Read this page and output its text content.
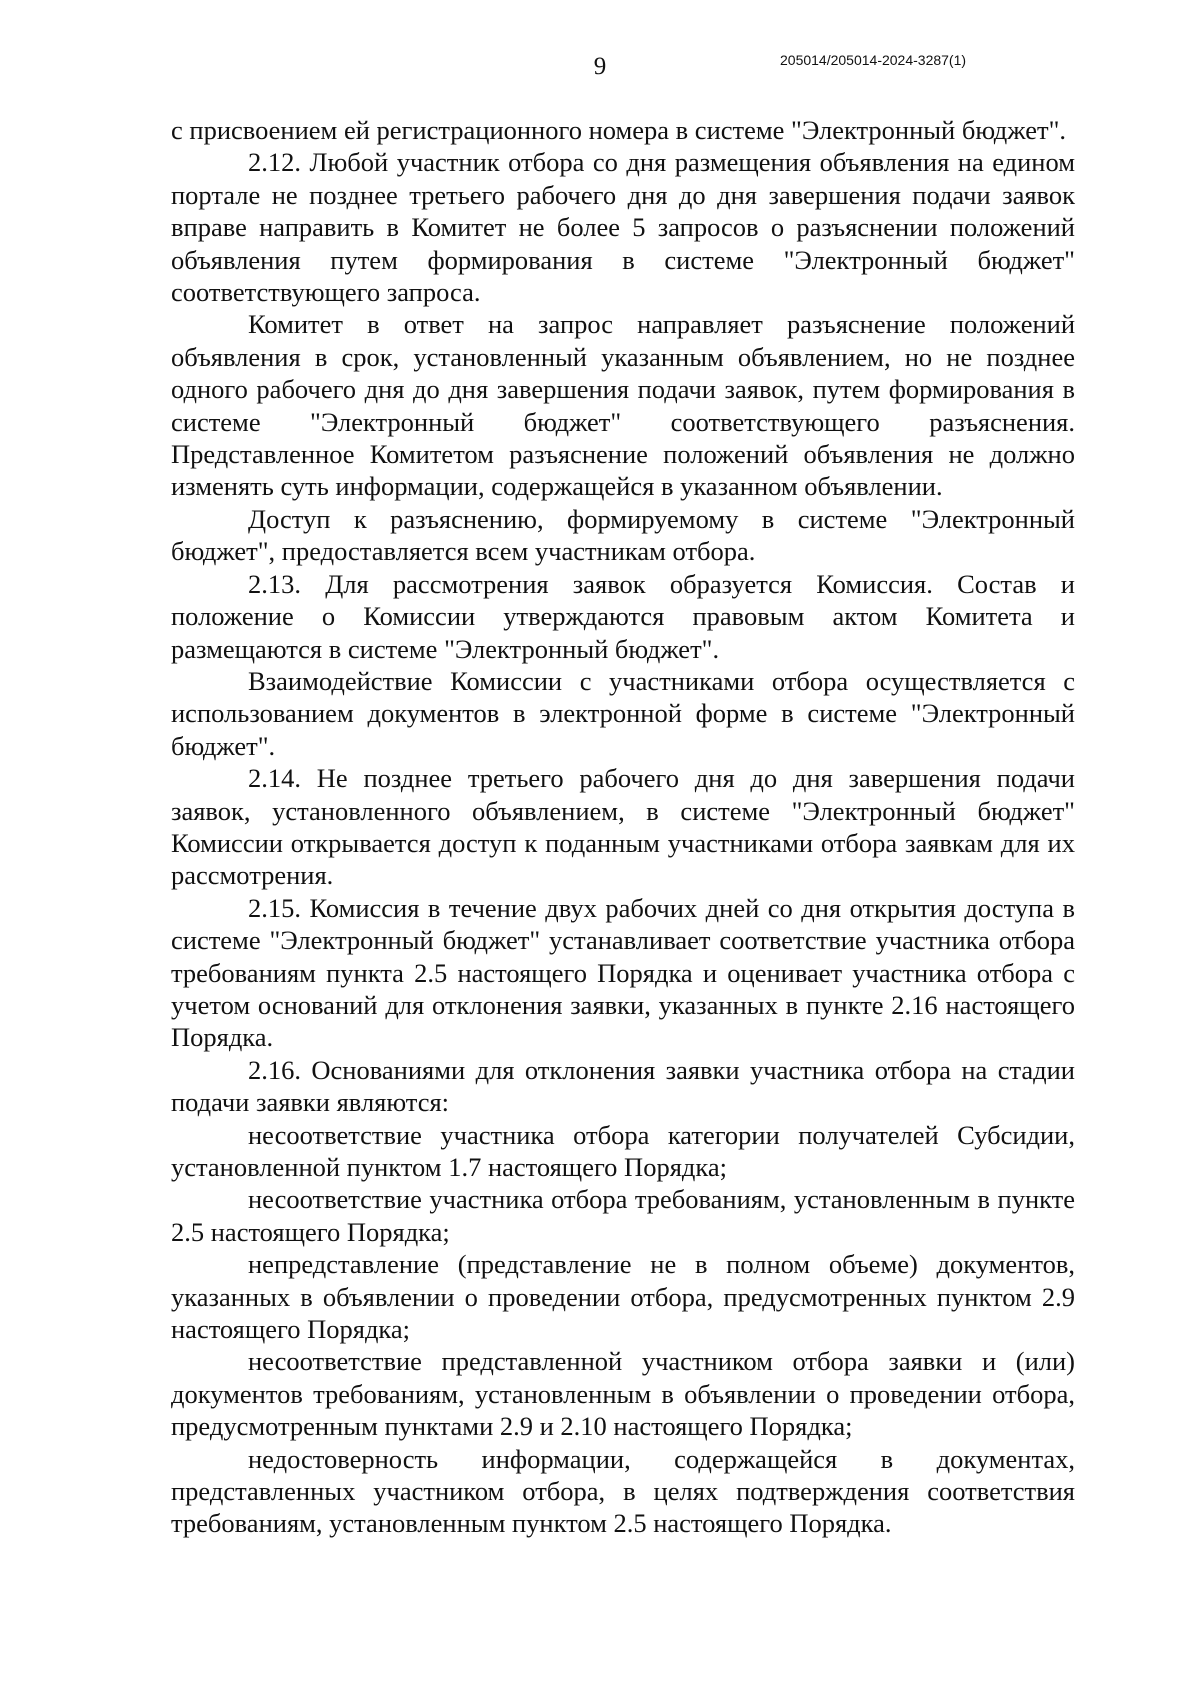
9	205014/205014-2024-3287(1)

с присвоением ей регистрационного номера в системе "Электронный бюджет".

2.12. Любой участник отбора со дня размещения объявления на едином портале не позднее третьего рабочего дня до дня завершения подачи заявок вправе направить в Комитет не более 5 запросов о разъяснении положений объявления путем формирования в системе "Электронный бюджет" соответствующего запроса.

Комитет в ответ на запрос направляет разъяснение положений объявления в срок, установленный указанным объявлением, но не позднее одного рабочего дня до дня завершения подачи заявок, путем формирования в системе "Электронный бюджет" соответствующего разъяснения. Представленное Комитетом разъяснение положений объявления не должно изменять суть информации, содержащейся в указанном объявлении.

Доступ к разъяснению, формируемому в системе "Электронный бюджет", предоставляется всем участникам отбора.

2.13. Для рассмотрения заявок образуется Комиссия. Состав и положение о Комиссии утверждаются правовым актом Комитета и размещаются в системе "Электронный бюджет".

Взаимодействие Комиссии с участниками отбора осуществляется с использованием документов в электронной форме в системе "Электронный бюджет".

2.14. Не позднее третьего рабочего дня до дня завершения подачи заявок, установленного объявлением, в системе "Электронный бюджет" Комиссии открывается доступ к поданным участниками отбора заявкам для их рассмотрения.

2.15. Комиссия в течение двух рабочих дней со дня открытия доступа в системе "Электронный бюджет" устанавливает соответствие участника отбора требованиям пункта 2.5 настоящего Порядка и оценивает участника отбора с учетом оснований для отклонения заявки, указанных в пункте 2.16 настоящего Порядка.

2.16. Основаниями для отклонения заявки участника отбора на стадии подачи заявки являются:

несоответствие участника отбора категории получателей Субсидии, установленной пунктом 1.7 настоящего Порядка;

несоответствие участника отбора требованиям, установленным в пункте 2.5 настоящего Порядка;

непредставление (представление не в полном объеме) документов, указанных в объявлении о проведении отбора, предусмотренных пунктом 2.9 настоящего Порядка;

несоответствие представленной участником отбора заявки и (или) документов требованиям, установленным в объявлении о проведении отбора, предусмотренным пунктами 2.9 и 2.10 настоящего Порядка;

недостоверность информации, содержащейся в документах, представленных участником отбора, в целях подтверждения соответствия требованиям, установленным пунктом 2.5 настоящего Порядка.
